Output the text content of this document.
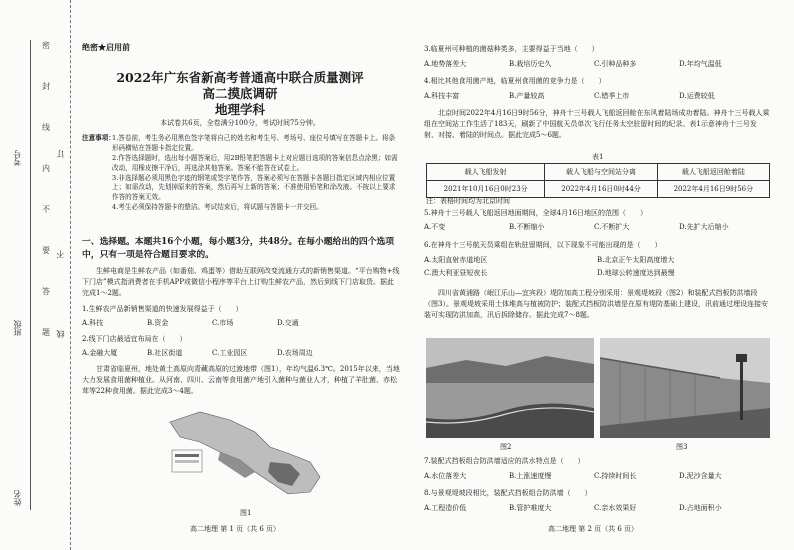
密
封
线
内
不
要
答
题
考号
班级
姓名
订
不
线
绝密★启用前
2022年广东省新高考普通高中联合质量测评
高二摸底调研
地理学科
本试卷共6页，全卷满分100分，考试时间75分钟。
注意事项：
1.答卷前，考生务必用黑色签字笔将自己的姓名和考生号、考场号、座位号填写在答题卡上。将条形码横贴在答题卡指定位置。
2.作答选择题时，选出每小题答案后，用2B铅笔把答题卡上对应题目选项的答案信息点涂黑；如需改动，用橡皮擦干净后，再选涂其他答案。答案不能答在试卷上。
3.非选择题必须用黑色字迹的钢笔或签字笔作答，答案必须写在答题卡各题目指定区域内相应位置上；如需改动，先划掉原来的答案，然后再写上新的答案；不准使用铅笔和涂改液。不按以上要求作答的答案无效。
4.考生必须保持答题卡的整洁。考试结束后，将试题与答题卡一并交回。
一、选择题。本题共16个小题，每小题3分，共48分。在每小题给出的四个选项中，只有一项是符合题目要求的。
生鲜电商是生鲜农产品（如番茄、鸡蛋等）借助互联网改变流通方式的新销售渠道。“平台购物+线下门店”模式指消费者在手机APP或微信小程序等平台上订购生鲜农产品，然后到线下门店取货。据此完成1～2题。
1.生鲜农产品新销售渠道的快速发展得益于（　　）
A.科技	B.资金	C.市场	D.交通
2.线下门店最适宜布局在（　　）
A.金融大厦	B.社区街道	C.工业园区	D.农场周边
甘肃省临夏州，地处黄土高原向青藏高原的过渡地带（图1），年均气温6.3℃。2015年以来，当地大力发展食用菌种植业。从河南、四川、云南等食用菌产地引入菌种与菌业人才，种植了羊肚菌、赤松茸等22种食用菌。据此完成3～4题。
图1
高二地理 第 1 页（共 6 页）
3.临夏州可种植的菌菇种类多，主要得益于当地（　　）
A.地势落差大	B.栽培历史久	C.引种品种多	D.年均气温低
4.相比其他食用菌产地，临夏州食用菌的竞争力是（　　）
A.科技丰富	B.产量较高	C.错季上市	D.运费较低
北京时间2022年4月16日9时56分，神舟十三号载人飞船返回舱在东风着陆场成功着陆。神舟十三号载人乘组在空间站工作生活了183天，刷新了中国航天员单次飞行任务太空驻留时间的纪录。表1示意神舟十三号发射、对接、着陆的时间点。据此完成5～6题。
表1
载人飞船发射	载人飞船与空间站分离	载人飞船返回舱着陆
2021年10月16日0时23分	2022年4月16日0时44分	2022年4月16日9时56分
注：表格时间均为北京时间
5.神舟十三号载人飞船返回地面期间，全球4月16日地区的范围（　　）
A.不变	B.不断缩小	C.不断扩大	D.先扩大后缩小
6.在神舟十三号航天员乘组在轨驻留期间，以下现象不可能出现的是（　　）
A.太阳直射赤道地区	B.北京正午太阳高度增大
C.澳大利亚昼短夜长	D.地球公转速度达到最慢
四川省黄浦路（岷江乐山—宜宾段）堤防加高工程分别采用：景观堤坡段（图2）和装配式挡板防洪墙段（图3）。景观堤坡采用土体堆高与植被防护；装配式挡板防洪墙是在原有堤防基础上建设，汛前通过埋设连接安装可实现防洪加高，汛后拆除储存。据此完成7～8题。
图2	图3
7.装配式挡板组合防洪墙适应的洪水特点是（　　）
A.水位落差大	B.上涨速度慢	C.持续时间长	D.泥沙含量大
8.与景观堤坡段相比，装配式挡板组合防洪墙（　　）
A.工程造价低	B.管护难度大	C.亲水效果好	D.占地面积小
高二地理 第 2 页（共 6 页）
